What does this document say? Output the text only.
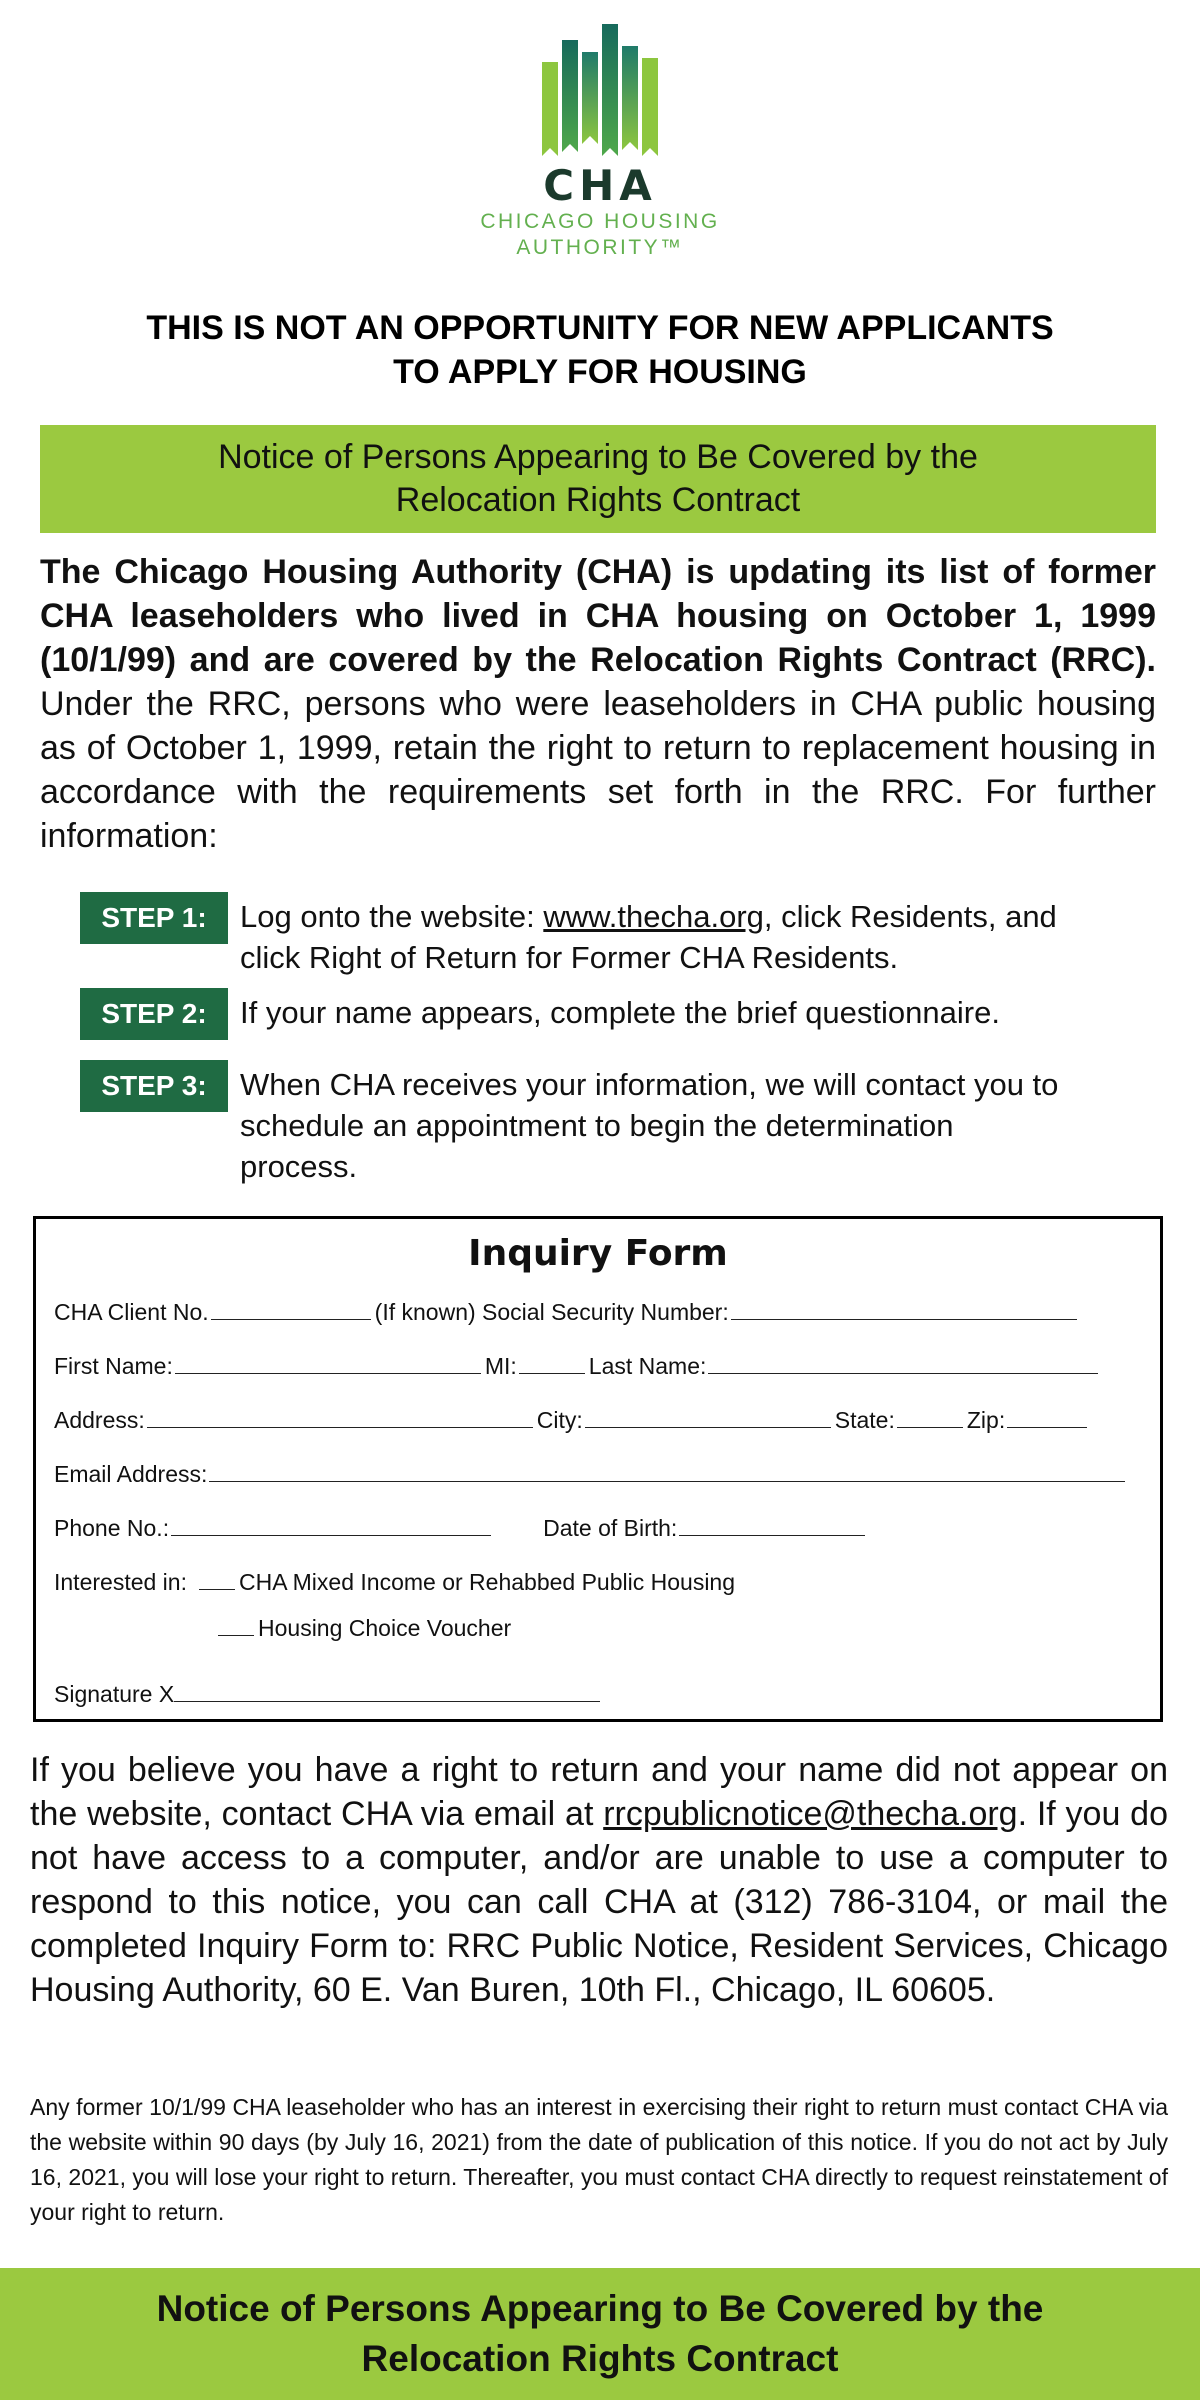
CHA
CHICAGO HOUSING
AUTHORITY™
THIS IS NOT AN OPPORTUNITY FOR NEW APPLICANTS
TO APPLY FOR HOUSING
Notice of Persons Appearing to Be Covered by the
Relocation Rights Contract

The Chicago Housing Authority (CHA) is updating its list of former CHA leaseholders who lived in CHA housing on October 1, 1999 (10/1/99) and are covered by the Relocation Rights Contract (RRC). Under the RRC, persons who were leaseholders in CHA public housing as of October 1, 1999, retain the right to return to replacement housing in accordance with the requirements set forth in the RRC. For further information:

STEP 1:	Log onto the website: www.thecha.org, click Residents, and click Right of Return for Former CHA Residents.
STEP 2:	If your name appears, complete the brief questionnaire.
STEP 3:	When CHA receives your information, we will contact you to schedule an appointment to begin the determination process.
Inquiry Form
CHA Client No.	(If known) Social Security Number:
First Name:	MI:	Last Name:
Address:	City:	State:	Zip:
Email Address:
Phone No.:	Date of Birth:
Interested in: CHA Mixed Income or Rehabbed Public Housing
Housing Choice Voucher
Signature X

If you believe you have a right to return and your name did not appear on the website, contact CHA via email at rrcpublicnotice@thecha.org. If you do not have access to a computer, and/or are unable to use a computer to respond to this notice, you can call CHA at (312) 786-3104, or mail the completed Inquiry Form to: RRC Public Notice, Resident Services, Chicago Housing Authority, 60 E. Van Buren, 10th Fl., Chicago, IL 60605.

Any former 10/1/99 CHA leaseholder who has an interest in exercising their right to return must contact CHA via the website within 90 days (by July 16, 2021) from the date of publication of this notice. If you do not act by July 16, 2021, you will lose your right to return. Thereafter, you must contact CHA directly to request reinstatement of your right to return.

Notice of Persons Appearing to Be Covered by the
Relocation Rights Contract
